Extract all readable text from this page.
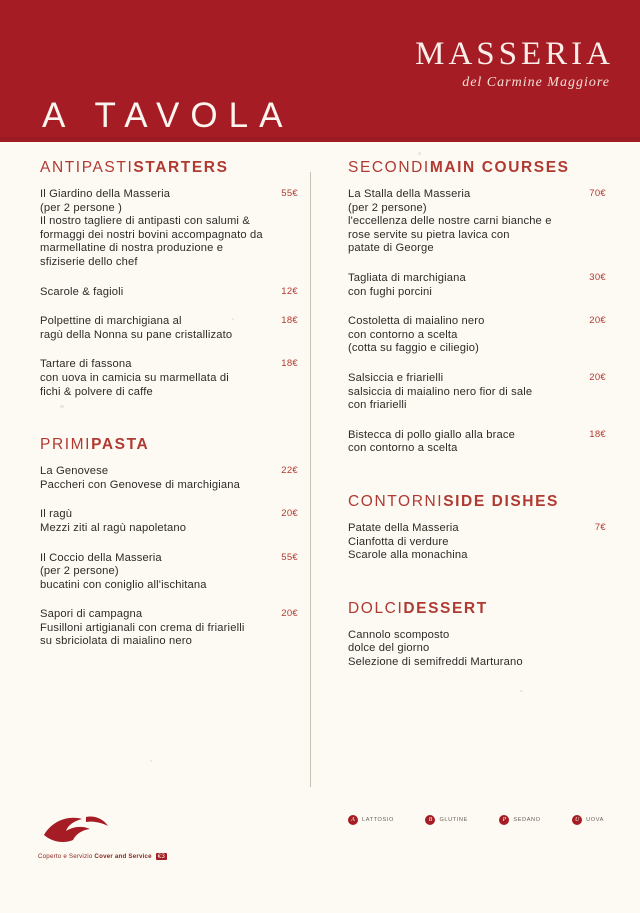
MASSERIA
del Carmine Maggiore
A TAVOLA
ANTIPASTISTARTERS
Il Giardino della Masseria
(per 2 persone )
Il nostro tagliere di antipasti con salumi &
formaggi dei nostri bovini accompagnato da
marmellatine di nostra produzione e
sfiziserie dello chef
55€
Scarole & fagioli	12€
Polpettine di marchigiana al
ragù della Nonna su pane cristallizato
18€
Tartare di fassona
con uova in camicia su marmellata di
fichi & polvere di caffe
18€
PRIMIPASTA
La Genovese
Paccheri con Genovese di marchigiana
22€
Il ragù
Mezzi ziti al ragù napoletano
20€
Il Coccio della Masseria
(per 2 persone)
bucatini con coniglio all'ischitana
55€
Sapori di campagna
Fusilloni artigianali con crema di friarielli
su sbriciolata di maialino nero
20€
SECONDIMAIN COURSES
La Stalla della Masseria
(per 2 persone)
l'eccellenza delle nostre carni bianche e
rose servite su pietra lavica con
patate di George
70€
Tagliata di marchigiana
con fughi porcini
30€
Costoletta di maialino nero
con contorno a scelta
(cotta su faggio e ciliegio)
20€
Salsiccia e friarielli
salsiccia di maialino nero fior di sale
con friarielli
20€
Bistecca di pollo giallo alla brace
con contorno a scelta
18€
CONTORNISIDE DISHES
Patate della Masseria
Cianfotta di verdure
Scarole alla monachina
7€
DOLCIDESSERT
Cannolo scomposto
dolce del giorno
Selezione di semifreddi Marturano
Coperto e Servizio Cover and Service €3
A	LATTOSIO	B	GLUTINE	P	SEDANO	U	UOVA
